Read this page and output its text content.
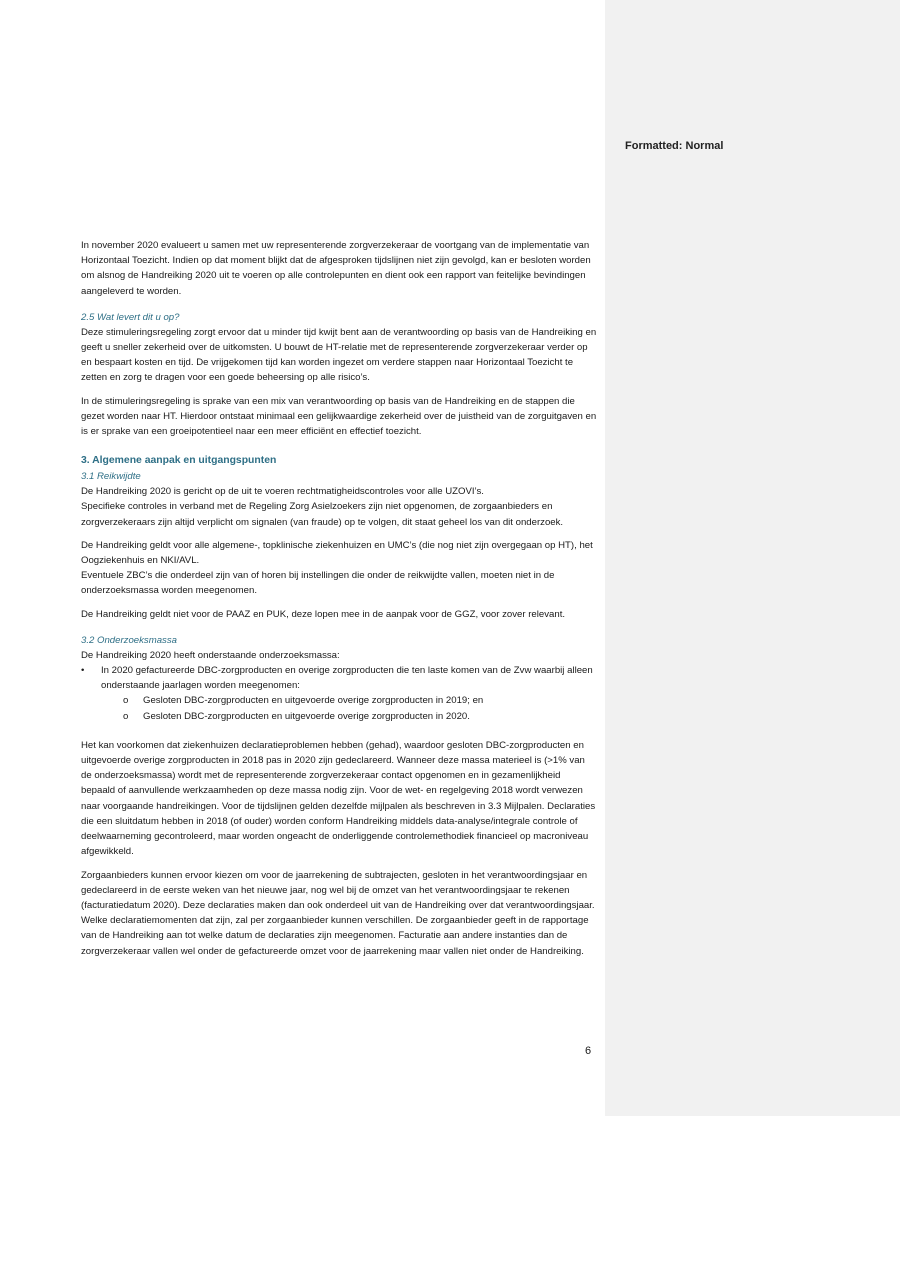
Formatted: Normal

In november 2020 evalueert u samen met uw representerende zorgverzekeraar de voortgang van de implementatie van Horizontaal Toezicht. Indien op dat moment blijkt dat de afgesproken tijdslijnen niet zijn gevolgd, kan er besloten worden om alsnog de Handreiking 2020 uit te voeren op alle controlepunten en dient ook een rapport van feitelijke bevindingen aangeleverd te worden.

2.5 Wat levert dit u op?

Deze stimuleringsregeling zorgt ervoor dat u minder tijd kwijt bent aan de verantwoording op basis van de Handreiking en geeft u sneller zekerheid over de uitkomsten. U bouwt de HT-relatie met de representerende zorgverzekeraar verder op en bespaart kosten en tijd. De vrijgekomen tijd kan worden ingezet om verdere stappen naar Horizontaal Toezicht te zetten en zorg te dragen voor een goede beheersing op alle risico’s.

In de stimuleringsregeling is sprake van een mix van verantwoording op basis van de Handreiking en de stappen die gezet worden naar HT. Hierdoor ontstaat minimaal een gelijkwaardige zekerheid over de juistheid van de zorguitgaven en is er sprake van een groeipotentieel naar een meer efficiënt en effectief toezicht.

3. Algemene aanpak en uitgangspunten
3.1 Reikwijdte

De Handreiking 2020 is gericht op de uit te voeren rechtmatigheidscontroles voor alle UZOVI’s.

Specifieke controles in verband met de Regeling Zorg Asielzoekers zijn niet opgenomen, de zorgaanbieders en zorgverzekeraars zijn altijd verplicht om signalen (van fraude) op te volgen, dit staat geheel los van dit onderzoek.

De Handreiking geldt voor alle algemene-, topklinische ziekenhuizen en UMC’s (die nog niet zijn overgegaan op HT), het Oogziekenhuis en NKI/AVL.

Eventuele ZBC’s die onderdeel zijn van of horen bij instellingen die onder de reikwijdte vallen, moeten niet in de onderzoeksmassa worden meegenomen.

De Handreiking geldt niet voor de PAAZ en PUK, deze lopen mee in de aanpak voor de GGZ, voor zover relevant.

3.2 Onderzoeksmassa

De Handreiking 2020 heeft onderstaande onderzoeksmassa:

•	In 2020 gefactureerde DBC-zorgproducten en overige zorgproducten die ten laste komen van de Zvw waarbij alleen onderstaande jaarlagen worden meegenomen:
o	Gesloten DBC-zorgproducten en uitgevoerde overige zorgproducten in 2019; en
o	Gesloten DBC-zorgproducten en uitgevoerde overige zorgproducten in 2020.

Het kan voorkomen dat ziekenhuizen declaratieproblemen hebben (gehad), waardoor gesloten DBC-zorgproducten en uitgevoerde overige zorgproducten in 2018 pas in 2020 zijn gedeclareerd. Wanneer deze massa materieel is (>1% van de onderzoeksmassa) wordt met de representerende zorgverzekeraar contact opgenomen en in gezamenlijkheid bepaald of aanvullende werkzaamheden op deze massa nodig zijn. Voor de wet- en regelgeving 2018 wordt verwezen naar voorgaande handreikingen. Voor de tijdslijnen gelden dezelfde mijlpalen als beschreven in 3.3 Mijlpalen. Declaraties die een sluitdatum hebben in 2018 (of ouder) worden conform Handreiking middels data-analyse/integrale controle of deelwaarneming gecontroleerd, maar worden ongeacht de onderliggende controlemethodiek financieel op macroniveau afgewikkeld.

Zorgaanbieders kunnen ervoor kiezen om voor de jaarrekening de subtrajecten, gesloten in het verantwoordingsjaar en gedeclareerd in de eerste weken van het nieuwe jaar, nog wel bij de omzet van het verantwoordingsjaar te rekenen (facturatiedatum 2020). Deze declaraties maken dan ook onderdeel uit van de Handreiking over dat verantwoordingsjaar. Welke declaratiemomenten dat zijn, zal per zorgaanbieder kunnen verschillen. De zorgaanbieder geeft in de rapportage van de Handreiking aan tot welke datum de declaraties zijn meegenomen. Facturatie aan andere instanties dan de zorgverzekeraar vallen wel onder de gefactureerde omzet voor de jaarrekening maar vallen niet onder de Handreiking.

6
